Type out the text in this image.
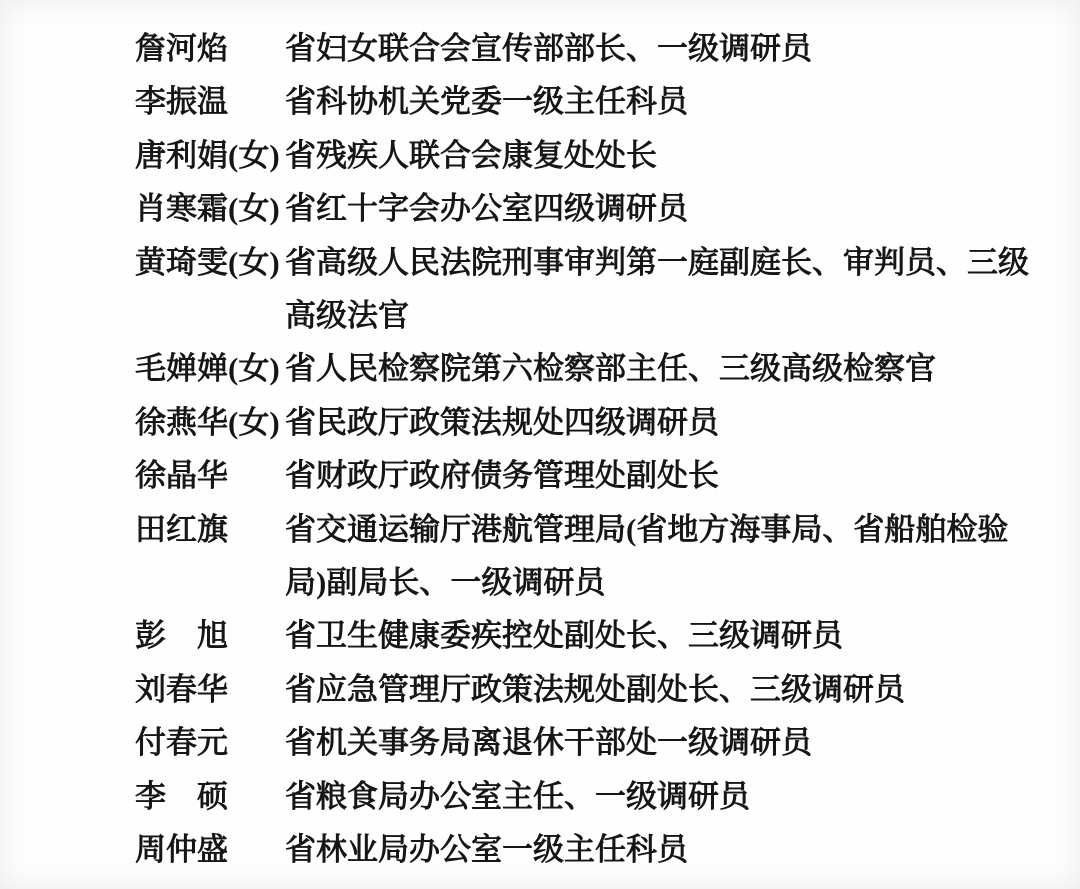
詹河焰 省妇女联合会宣传部部长、一级调研员
李振温 省科协机关党委一级主任科员
唐利娟(女) 省残疾人联合会康复处处长
肖寒霜(女) 省红十字会办公室四级调研员
黄琦雯(女) 省高级人民法院刑事审判第一庭副庭长、审判员、三级
高级法官
毛婵婵(女) 省人民检察院第六检察部主任、三级高级检察官
徐燕华(女) 省民政厅政策法规处四级调研员
徐晶华 省财政厅政府债务管理处副处长
田红旗 省交通运输厅港航管理局(省地方海事局、省船舶检验
局)副局长、一级调研员
彭　旭 省卫生健康委疾控处副处长、三级调研员
刘春华 省应急管理厅政策法规处副处长、三级调研员
付春元 省机关事务局离退休干部处一级调研员
李　硕 省粮食局办公室主任、一级调研员
周仲盛 省林业局办公室一级主任科员
